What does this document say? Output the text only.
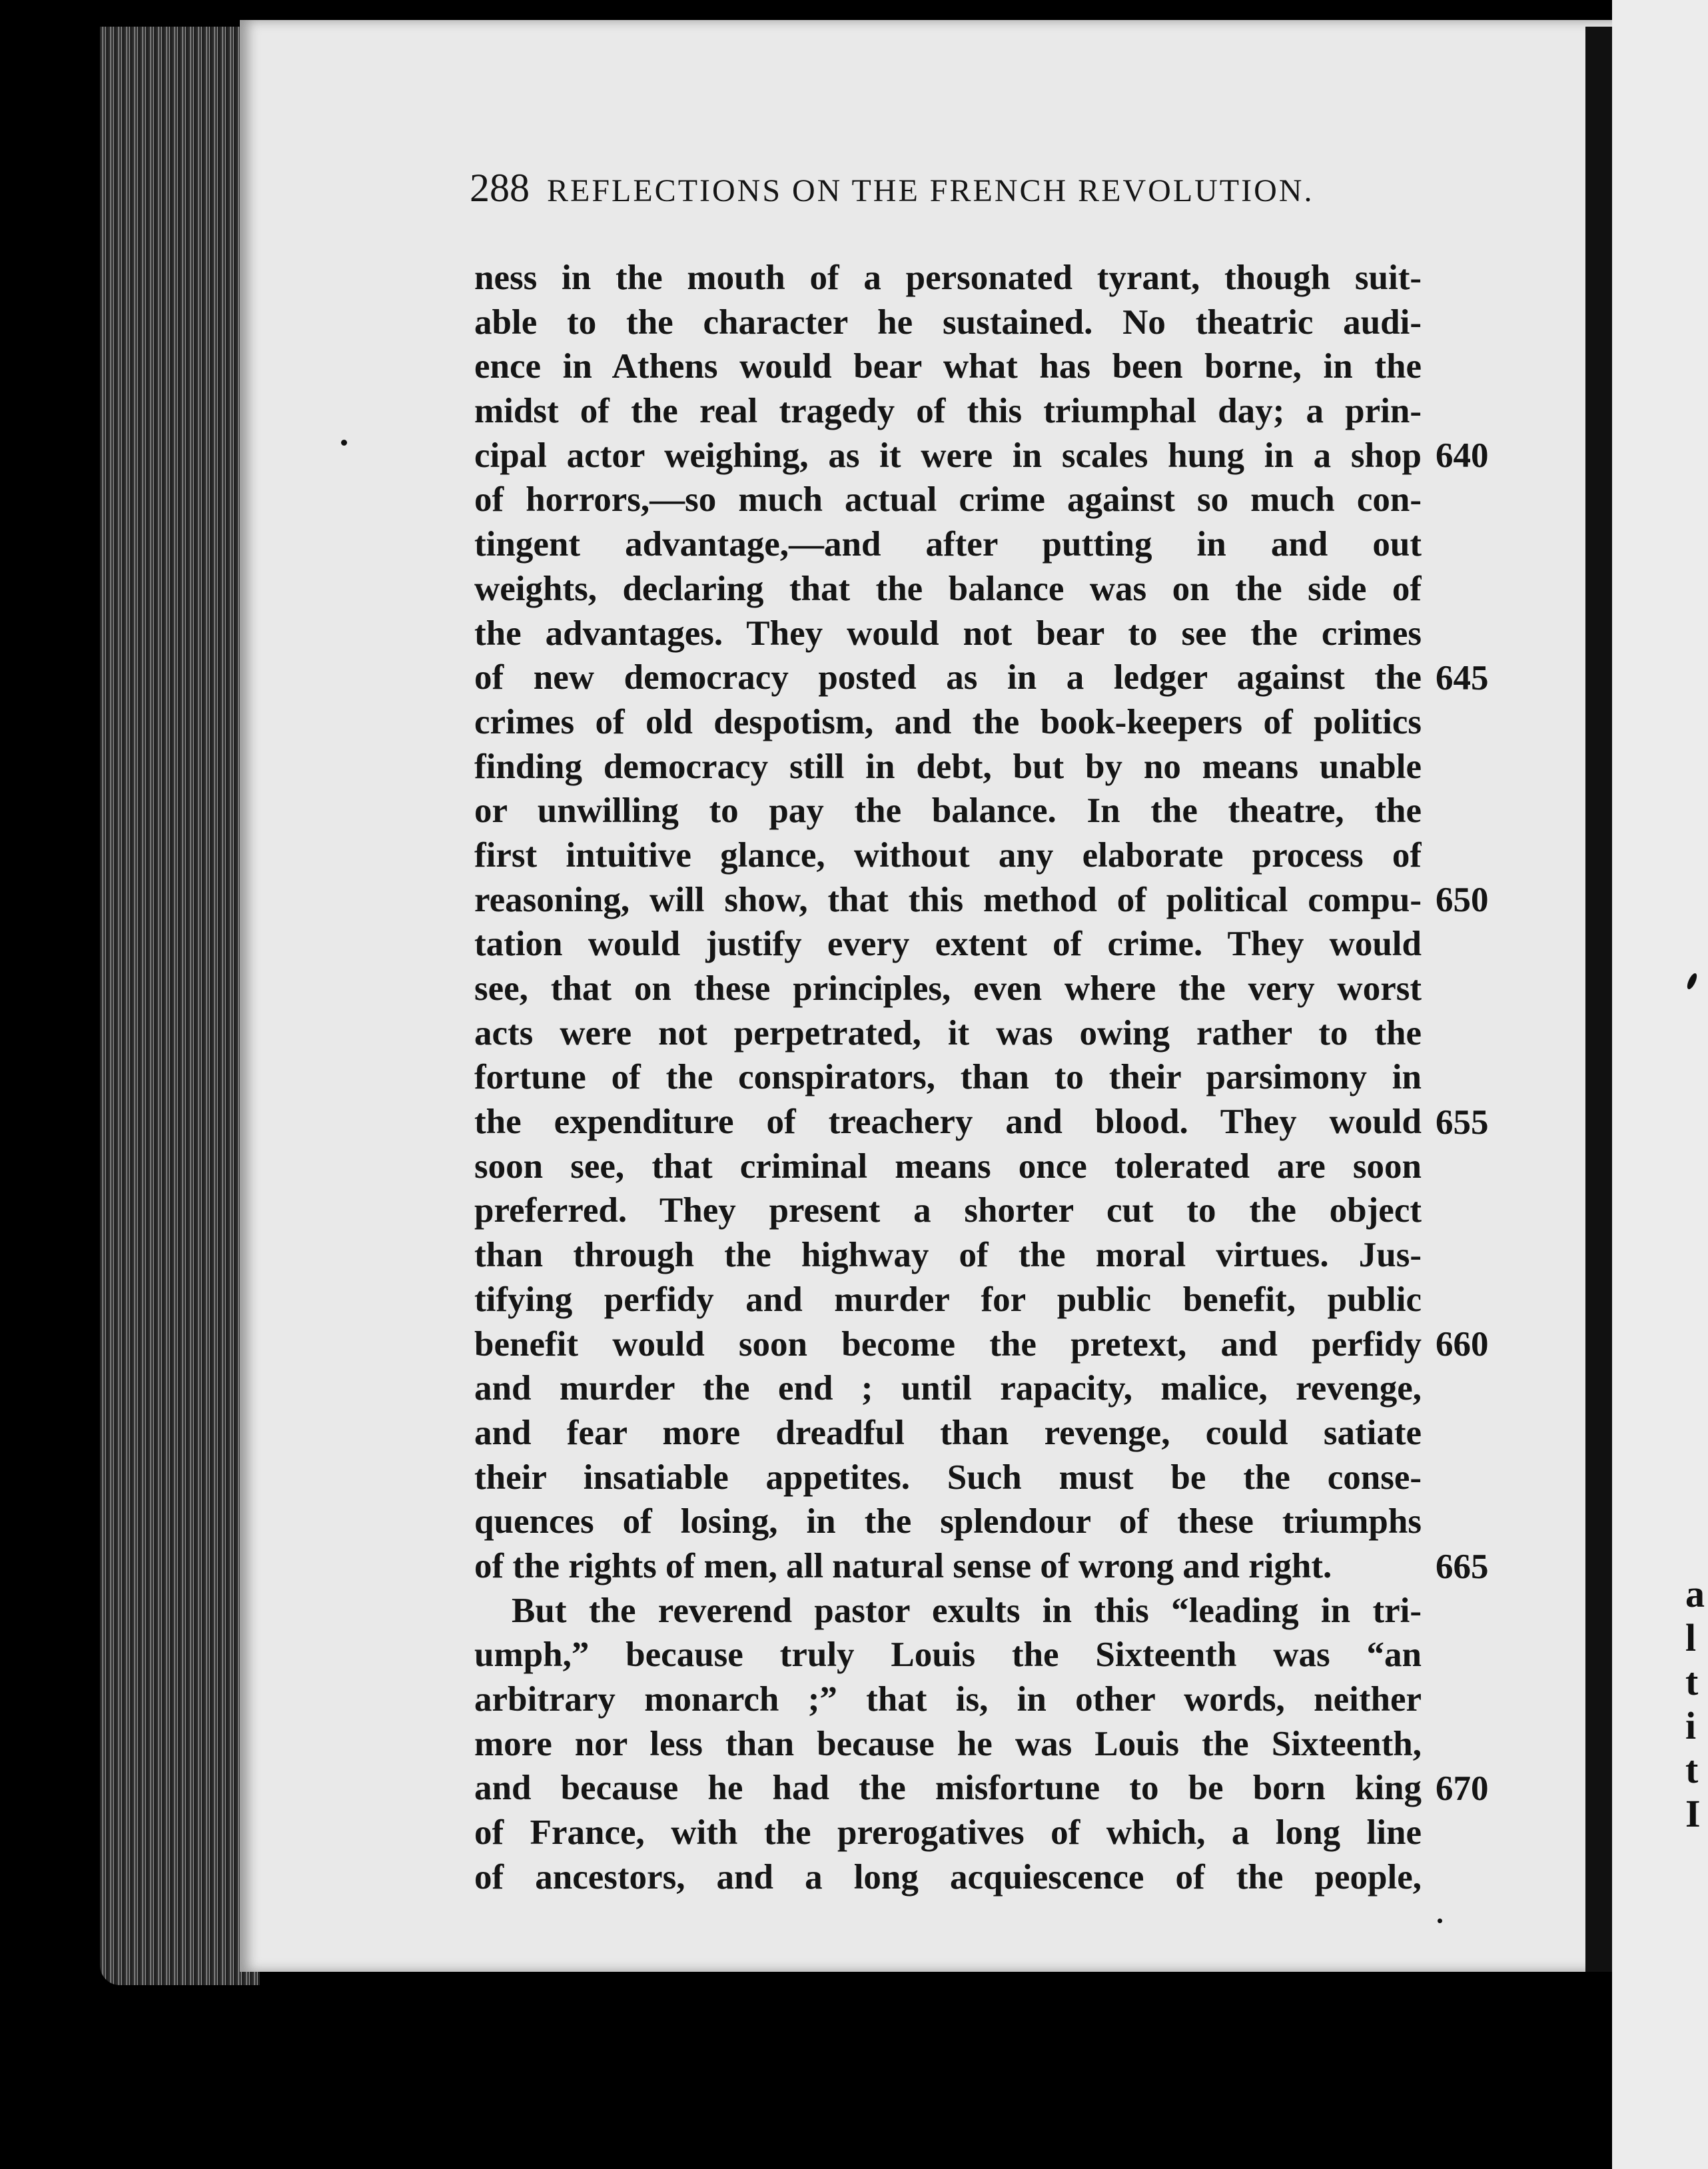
a
l
t
i
t
I
288 REFLECTIONS ON THE FRENCH REVOLUTION.
ness in the mouth of a personated tyrant, though suit-
able to the character he sustained. No theatric audi-
ence in Athens would bear what has been borne, in the
midst of the real tragedy of this triumphal day; a prin-
cipal actor weighing, as it were in scales hung in a shop
of horrors,—so much actual crime against so much con-
tingent advantage,—and after putting in and out
weights, declaring that the balance was on the side of
the advantages. They would not bear to see the crimes
of new democracy posted as in a ledger against the
crimes of old despotism, and the book-keepers of politics
finding democracy still in debt, but by no means unable
or unwilling to pay the balance. In the theatre, the
first intuitive glance, without any elaborate process of
reasoning, will show, that this method of political compu-
tation would justify every extent of crime. They would
see, that on these principles, even where the very worst
acts were not perpetrated, it was owing rather to the
fortune of the conspirators, than to their parsimony in
the expenditure of treachery and blood. They would
soon see, that criminal means once tolerated are soon
preferred. They present a shorter cut to the object
than through the highway of the moral virtues. Jus-
tifying perfidy and murder for public benefit, public
benefit would soon become the pretext, and perfidy
and murder the end ; until rapacity, malice, revenge,
and fear more dreadful than revenge, could satiate
their insatiable appetites. Such must be the conse-
quences of losing, in the splendour of these triumphs
of the rights of men, all natural sense of wrong and right.
But the reverend pastor exults in this “leading in tri-
umph,” because truly Louis the Sixteenth was “an
arbitrary monarch ;” that is, in other words, neither
more nor less than because he was Louis the Sixteenth,
and because he had the misfortune to be born king
of France, with the prerogatives of which, a long line
of ancestors, and a long acquiescence of the people,
640
645
650
655
660
665
670
